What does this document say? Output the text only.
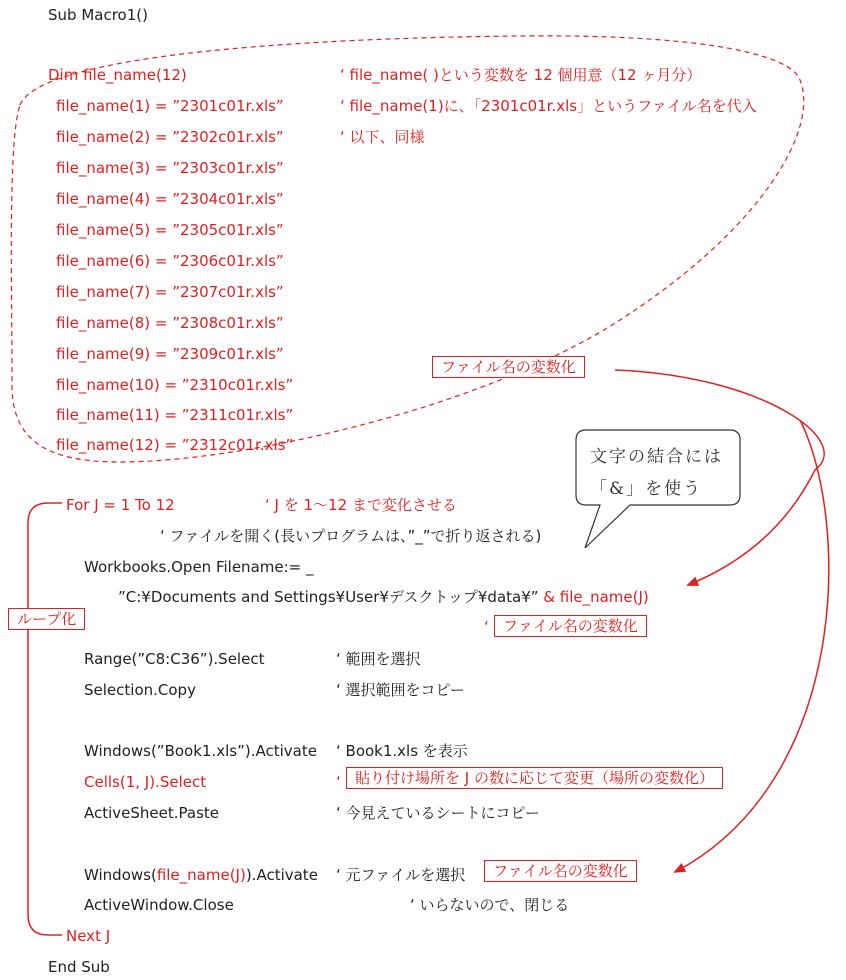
Sub Macro1()
Dim file_name(12)	‘ file_name( )という変数を 12 個用意（12 ヶ月分）
file_name(1) = ”2301c01r.xls”	‘ file_name(1)に、「2301c01r.xls」というファイル名を代入
file_name(2) = ”2302c01r.xls”	‘ 以下、同様
file_name(3) = ”2303c01r.xls”
file_name(4) = ”2304c01r.xls”
file_name(5) = ”2305c01r.xls”
file_name(6) = ”2306c01r.xls”
file_name(7) = ”2307c01r.xls”
file_name(8) = ”2308c01r.xls”
file_name(9) = ”2309c01r.xls”
file_name(10) = ”2310c01r.xls”
file_name(11) = ”2311c01r.xls”
file_name(12) = ”2312c01r.xls”
ファイル名の変数化
文字の結合には
「&」を使う
For J = 1 To 12	‘ J を 1～12 まで変化させる
‘ ファイルを開く(長いプログラムは、”_”で折り返される)
Workbooks.Open Filename:= _
”C:¥Documents and Settings¥User¥デスクトップ¥data¥” & file_name(J)
ループ化	‘ ファイル名の変数化
Range(”C8:C36”).Select	‘ 範囲を選択
Selection.Copy	‘ 選択範囲をコピー
Windows(”Book1.xls”).Activate ‘ Book1.xls を表示
Cells(1, J).Select	‘ 貼り付け場所を J の数に応じて変更（場所の変数化）
ActiveSheet.Paste	‘ 今見えているシートにコピー
Windows(file_name(J)).Activate ‘ 元ファイルを選択	ファイル名の変数化
ActiveWindow.Close	‘ いらないので、閉じる
Next J
End Sub
